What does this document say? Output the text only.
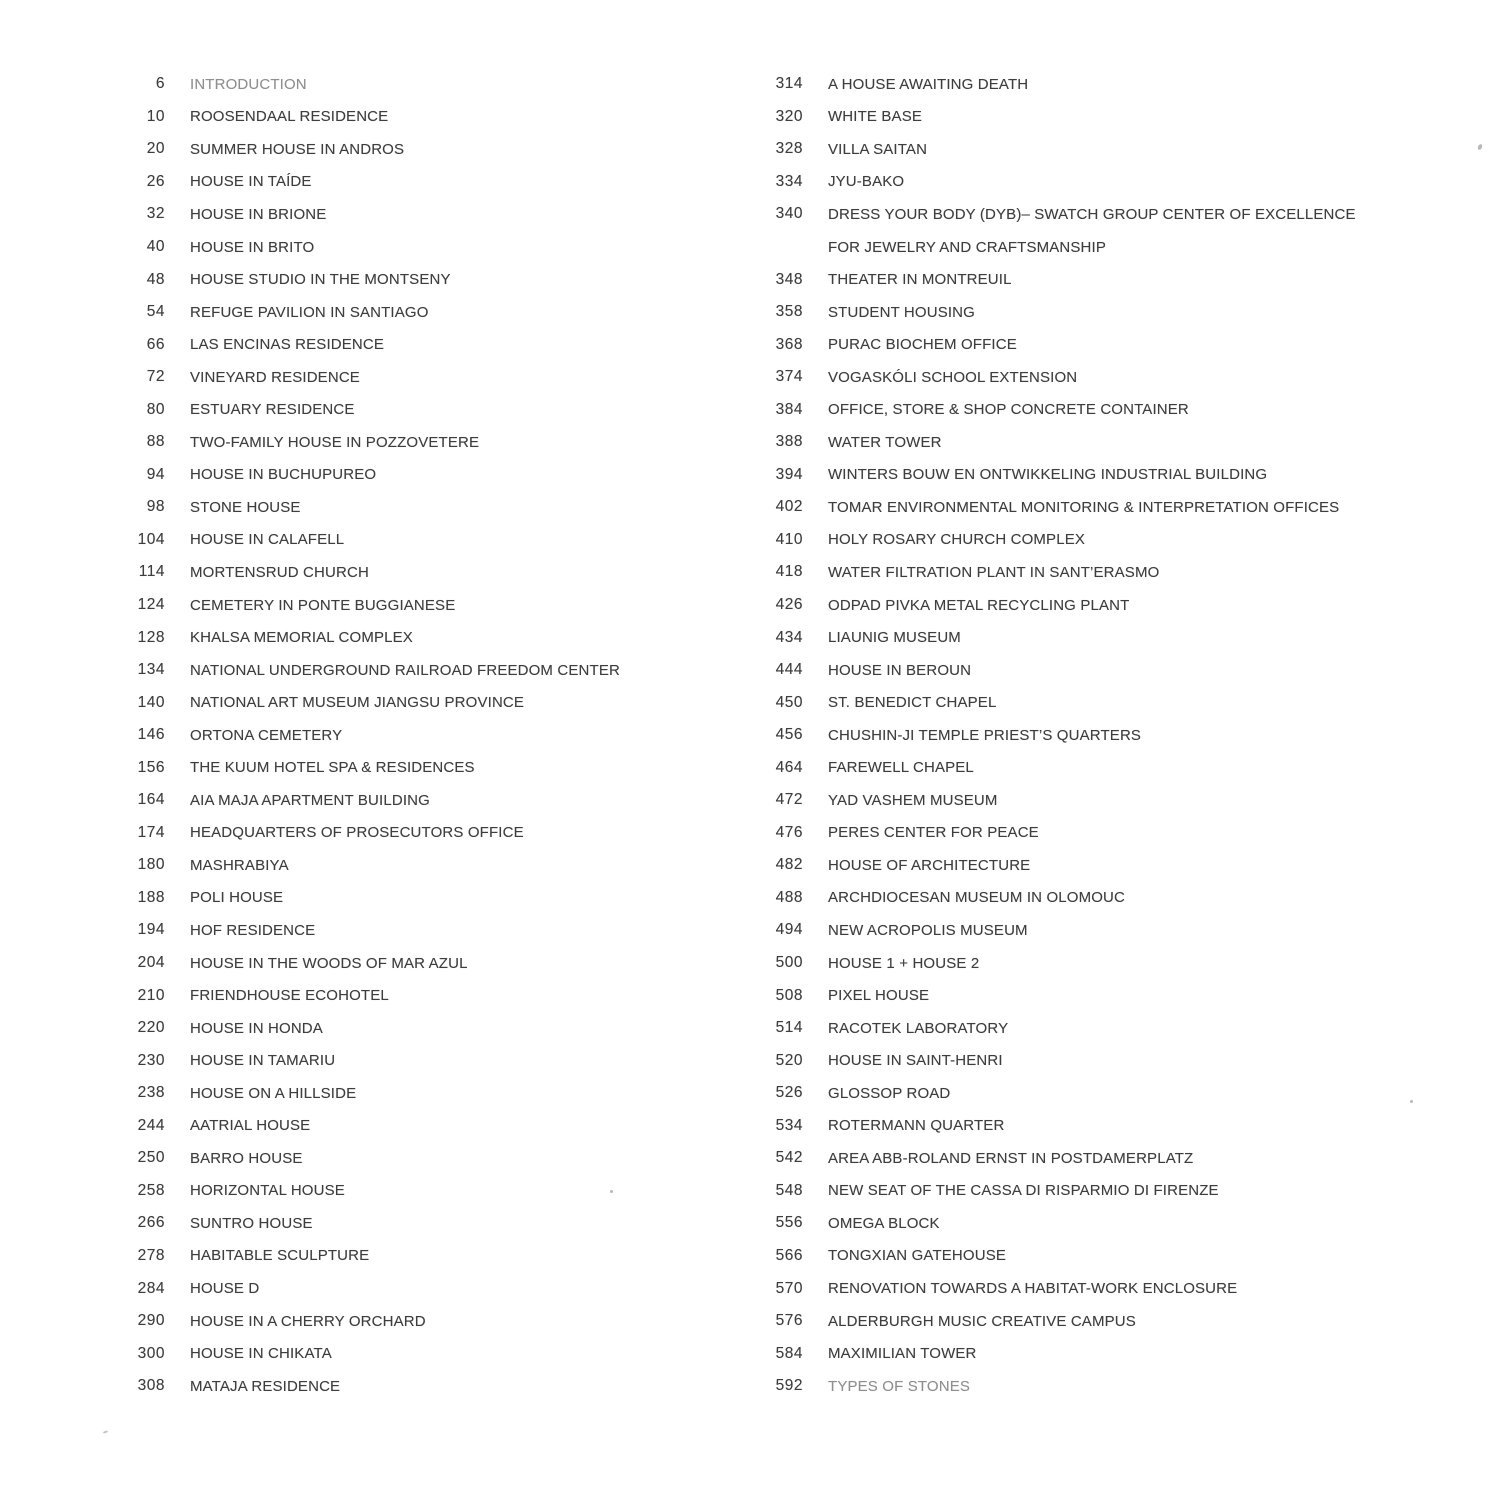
6 INTRODUCTION
10 ROOSENDAAL RESIDENCE
20 SUMMER HOUSE IN ANDROS
26 HOUSE IN TAÍDE
32 HOUSE IN BRIONE
40 HOUSE IN BRITO
48 HOUSE STUDIO IN THE MONTSENY
54 REFUGE PAVILION IN SANTIAGO
66 LAS ENCINAS RESIDENCE
72 VINEYARD RESIDENCE
80 ESTUARY RESIDENCE
88 TWO-FAMILY HOUSE IN POZZOVETERE
94 HOUSE IN BUCHUPUREO
98 STONE HOUSE
104 HOUSE IN CALAFELL
114 MORTENSRUD CHURCH
124 CEMETERY IN PONTE BUGGIANESE
128 KHALSA MEMORIAL COMPLEX
134 NATIONAL UNDERGROUND RAILROAD FREEDOM CENTER
140 NATIONAL ART MUSEUM JIANGSU PROVINCE
146 ORTONA CEMETERY
156 THE KUUM HOTEL SPA & RESIDENCES
164 AIA MAJA APARTMENT BUILDING
174 HEADQUARTERS OF PROSECUTORS OFFICE
180 MASHRABIYA
188 POLI HOUSE
194 HOF RESIDENCE
204 HOUSE IN THE WOODS OF MAR AZUL
210 FRIENDHOUSE ECOHOTEL
220 HOUSE IN HONDA
230 HOUSE IN TAMARIU
238 HOUSE ON A HILLSIDE
244 AATRIAL HOUSE
250 BARRO HOUSE
258 HORIZONTAL HOUSE
266 SUNTRO HOUSE
278 HABITABLE SCULPTURE
284 HOUSE D
290 HOUSE IN A CHERRY ORCHARD
300 HOUSE IN CHIKATA
308 MATAJA RESIDENCE
314 A HOUSE AWAITING DEATH
320 WHITE BASE
328 VILLA SAITAN
334 JYU-BAKO
340 DRESS YOUR BODY (DYB)– SWATCH GROUP CENTER OF EXCELLENCE
FOR JEWELRY AND CRAFTSMANSHIP
348 THEATER IN MONTREUIL
358 STUDENT HOUSING
368 PURAC BIOCHEM OFFICE
374 VOGASKÓLI SCHOOL EXTENSION
384 OFFICE, STORE & SHOP CONCRETE CONTAINER
388 WATER TOWER
394 WINTERS BOUW EN ONTWIKKELING INDUSTRIAL BUILDING
402 TOMAR ENVIRONMENTAL MONITORING & INTERPRETATION OFFICES
410 HOLY ROSARY CHURCH COMPLEX
418 WATER FILTRATION PLANT IN SANT’ERASMO
426 ODPAD PIVKA METAL RECYCLING PLANT
434 LIAUNIG MUSEUM
444 HOUSE IN BEROUN
450 ST. BENEDICT CHAPEL
456 CHUSHIN-JI TEMPLE PRIEST’S QUARTERS
464 FAREWELL CHAPEL
472 YAD VASHEM MUSEUM
476 PERES CENTER FOR PEACE
482 HOUSE OF ARCHITECTURE
488 ARCHDIOCESAN MUSEUM IN OLOMOUC
494 NEW ACROPOLIS MUSEUM
500 HOUSE 1 + HOUSE 2
508 PIXEL HOUSE
514 RACOTEK LABORATORY
520 HOUSE IN SAINT-HENRI
526 GLOSSOP ROAD
534 ROTERMANN QUARTER
542 AREA ABB-ROLAND ERNST IN POSTDAMERPLATZ
548 NEW SEAT OF THE CASSA DI RISPARMIO DI FIRENZE
556 OMEGA BLOCK
566 TONGXIAN GATEHOUSE
570 RENOVATION TOWARDS A HABITAT-WORK ENCLOSURE
576 ALDERBURGH MUSIC CREATIVE CAMPUS
584 MAXIMILIAN TOWER
592 TYPES OF STONES
